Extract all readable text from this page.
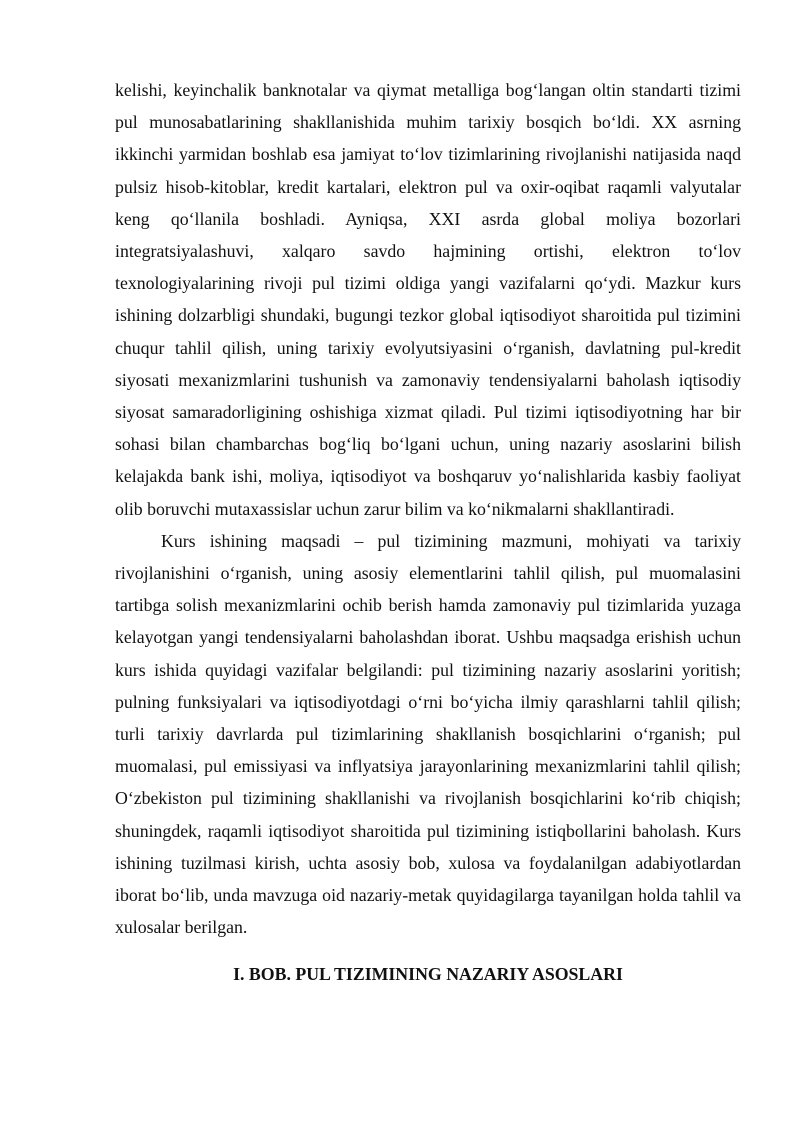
kelishi, keyinchalik banknotalar va qiymat metalliga bog‘langan oltin standarti tizimi pul munosabatlarining shakllanishida muhim tarixiy bosqich bo‘ldi. XX asrning ikkinchi yarmidan boshlab esa jamiyat to‘lov tizimlarining rivojlanishi natijasida naqd pulsiz hisob-kitoblar, kredit kartalari, elektron pul va oxir-oqibat raqamli valyutalar keng qo‘llanila boshladi. Ayniqsa, XXI asrda global moliya bozorlari integratsiyalashuvi, xalqaro savdo hajmining ortishi, elektron to‘lov texnologiyalarining rivoji pul tizimi oldiga yangi vazifalarni qo‘ydi. Mazkur kurs ishining dolzarbligi shundaki, bugungi tezkor global iqtisodiyot sharoitida pul tizimini chuqur tahlil qilish, uning tarixiy evolyutsiyasini o‘rganish, davlatning pul-kredit siyosati mexanizmlarini tushunish va zamonaviy tendensiyalarni baholash iqtisodiy siyosat samaradorligining oshishiga xizmat qiladi. Pul tizimi iqtisodiyotning har bir sohasi bilan chambarchas bog‘liq bo‘lgani uchun, uning nazariy asoslarini bilish kelajakda bank ishi, moliya, iqtisodiyot va boshqaruv yo‘nalishlarida kasbiy faoliyat olib boruvchi mutaxassislar uchun zarur bilim va ko‘nikmalarni shakllantiradi.

Kurs ishining maqsadi – pul tizimining mazmuni, mohiyati va tarixiy rivojlanishini o‘rganish, uning asosiy elementlarini tahlil qilish, pul muomalasini tartibga solish mexanizmlarini ochib berish hamda zamonaviy pul tizimlarida yuzaga kelayotgan yangi tendensiyalarni baholashdan iborat. Ushbu maqsadga erishish uchun kurs ishida quyidagi vazifalar belgilandi: pul tizimining nazariy asoslarini yoritish; pulning funksiyalari va iqtisodiyotdagi o‘rni bo‘yicha ilmiy qarashlarni tahlil qilish; turli tarixiy davrlarda pul tizimlarining shakllanish bosqichlarini o‘rganish; pul muomalasi, pul emissiyasi va inflyatsiya jarayonlarining mexanizmlarini tahlil qilish; O‘zbekiston pul tizimining shakllanishi va rivojlanish bosqichlarini ko‘rib chiqish; shuningdek, raqamli iqtisodiyot sharoitida pul tizimining istiqbollarini baholash. Kurs ishining tuzilmasi kirish, uchta asosiy bob, xulosa va foydalanilgan adabiyotlardan iborat bo‘lib, unda mavzuga oid nazariy-metak quyidagilarga tayanilgan holda tahlil va xulosalar berilgan.

I. BOB. PUL TIZIMINING NAZARIY ASOSLARI
